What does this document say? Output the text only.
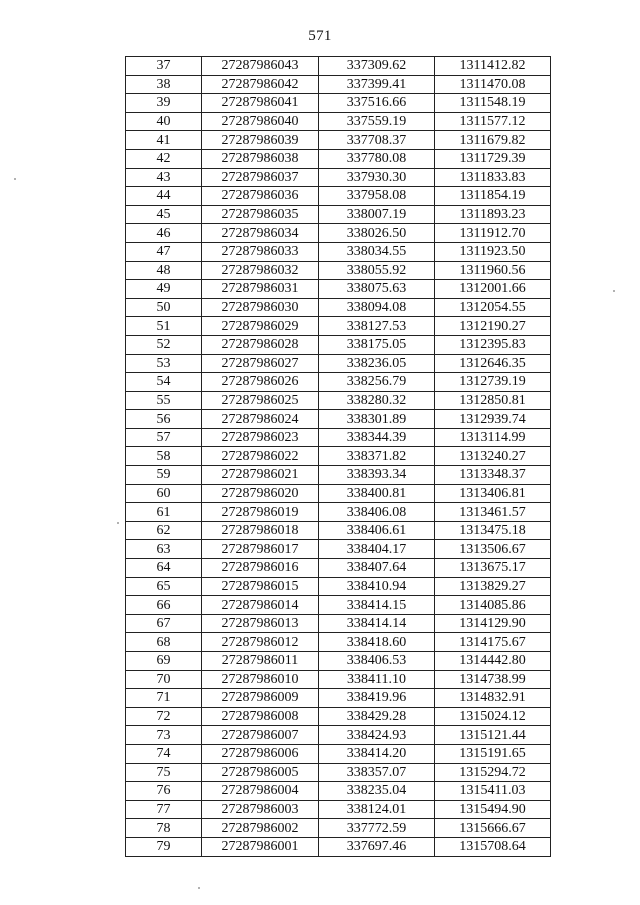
571
37	27287986043	337309.62	1311412.82
38	27287986042	337399.41	1311470.08
39	27287986041	337516.66	1311548.19
40	27287986040	337559.19	1311577.12
41	27287986039	337708.37	1311679.82
42	27287986038	337780.08	1311729.39
43	27287986037	337930.30	1311833.83
44	27287986036	337958.08	1311854.19
45	27287986035	338007.19	1311893.23
46	27287986034	338026.50	1311912.70
47	27287986033	338034.55	1311923.50
48	27287986032	338055.92	1311960.56
49	27287986031	338075.63	1312001.66
50	27287986030	338094.08	1312054.55
51	27287986029	338127.53	1312190.27
52	27287986028	338175.05	1312395.83
53	27287986027	338236.05	1312646.35
54	27287986026	338256.79	1312739.19
55	27287986025	338280.32	1312850.81
56	27287986024	338301.89	1312939.74
57	27287986023	338344.39	1313114.99
58	27287986022	338371.82	1313240.27
59	27287986021	338393.34	1313348.37
60	27287986020	338400.81	1313406.81
61	27287986019	338406.08	1313461.57
62	27287986018	338406.61	1313475.18
63	27287986017	338404.17	1313506.67
64	27287986016	338407.64	1313675.17
65	27287986015	338410.94	1313829.27
66	27287986014	338414.15	1314085.86
67	27287986013	338414.14	1314129.90
68	27287986012	338418.60	1314175.67
69	27287986011	338406.53	1314442.80
70	27287986010	338411.10	1314738.99
71	27287986009	338419.96	1314832.91
72	27287986008	338429.28	1315024.12
73	27287986007	338424.93	1315121.44
74	27287986006	338414.20	1315191.65
75	27287986005	338357.07	1315294.72
76	27287986004	338235.04	1315411.03
77	27287986003	338124.01	1315494.90
78	27287986002	337772.59	1315666.67
79	27287986001	337697.46	1315708.64
